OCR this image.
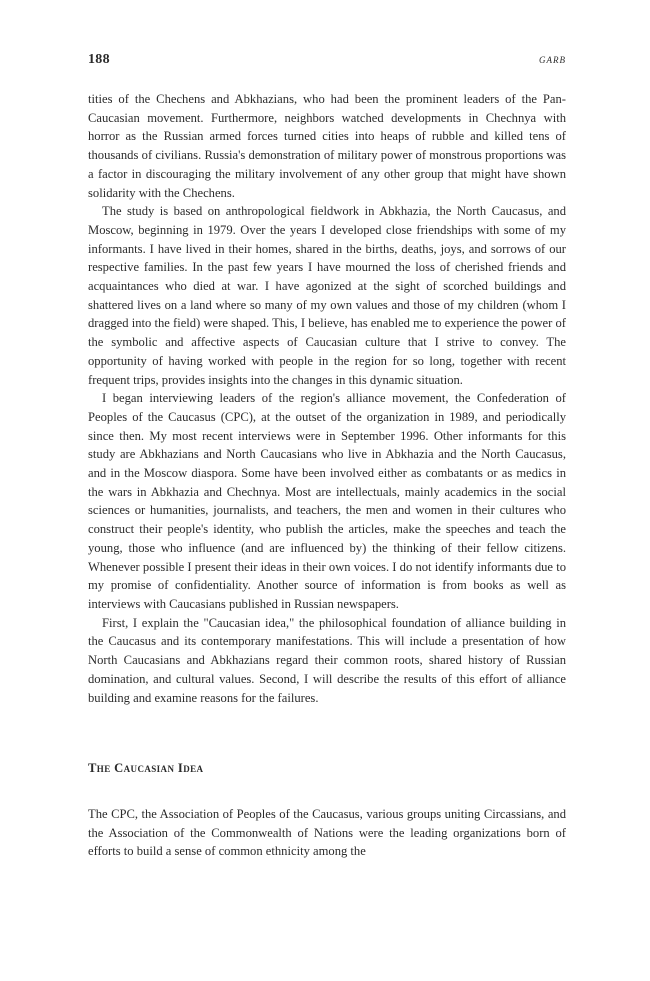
188	GARB

tities of the Chechens and Abkhazians, who had been the prominent leaders of the Pan-Caucasian movement. Furthermore, neighbors watched developments in Chechnya with horror as the Russian armed forces turned cities into heaps of rubble and killed tens of thousands of civilians. Russia's demonstration of military power of monstrous proportions was a factor in discouraging the military involvement of any other group that might have shown solidarity with the Chechens.

The study is based on anthropological fieldwork in Abkhazia, the North Caucasus, and Moscow, beginning in 1979. Over the years I developed close friendships with some of my informants. I have lived in their homes, shared in the births, deaths, joys, and sorrows of our respective families. In the past few years I have mourned the loss of cherished friends and acquaintances who died at war. I have agonized at the sight of scorched buildings and shattered lives on a land where so many of my own values and those of my children (whom I dragged into the field) were shaped. This, I believe, has enabled me to experience the power of the symbolic and affective aspects of Caucasian culture that I strive to convey. The opportunity of having worked with people in the region for so long, together with recent frequent trips, provides insights into the changes in this dynamic situation.

I began interviewing leaders of the region's alliance movement, the Confederation of Peoples of the Caucasus (CPC), at the outset of the organization in 1989, and periodically since then. My most recent interviews were in September 1996. Other informants for this study are Abkhazians and North Caucasians who live in Abkhazia and the North Caucasus, and in the Moscow diaspora. Some have been involved either as combatants or as medics in the wars in Abkhazia and Chechnya. Most are intellectuals, mainly academics in the social sciences or humanities, journalists, and teachers, the men and women in their cultures who construct their people's identity, who publish the articles, make the speeches and teach the young, those who influence (and are influenced by) the thinking of their fellow citizens. Whenever possible I present their ideas in their own voices. I do not identify informants due to my promise of confidentiality. Another source of information is from books as well as interviews with Caucasians published in Russian newspapers.

First, I explain the "Caucasian idea," the philosophical foundation of alliance building in the Caucasus and its contemporary manifestations. This will include a presentation of how North Caucasians and Abkhazians regard their common roots, shared history of Russian domination, and cultural values. Second, I will describe the results of this effort of alliance building and examine reasons for the failures.

The Caucasian Idea

The CPC, the Association of Peoples of the Caucasus, various groups uniting Circassians, and the Association of the Commonwealth of Nations were the leading organizations born of efforts to build a sense of common ethnicity among the
